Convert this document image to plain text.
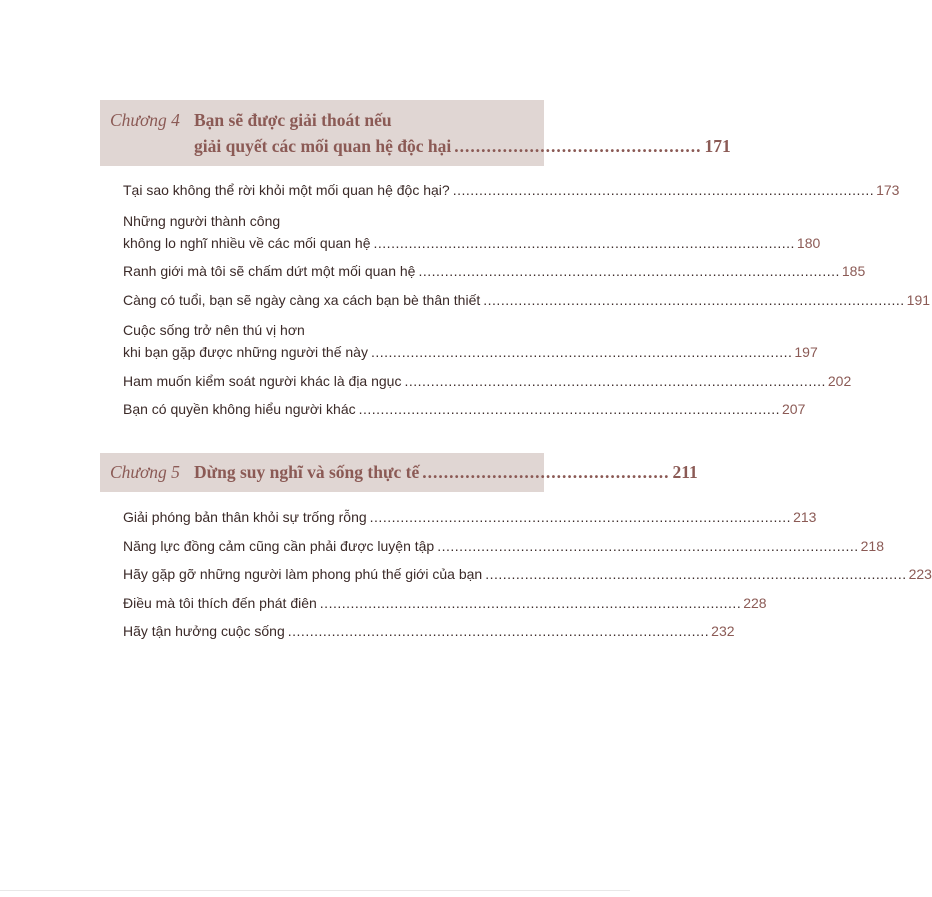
Chương 4 Bạn sẽ được giải thoát nếu
giải quyết các mối quan hệ độc hại .............................................. 171
Tại sao không thể rời khỏi một mối quan hệ độc hại? ................................................................................................ 173
Những người thành công
không lo nghĩ nhiều về các mối quan hệ ................................................................................................ 180
Ranh giới mà tôi sẽ chấm dứt một mối quan hệ ................................................................................................ 185
Càng có tuổi, bạn sẽ ngày càng xa cách bạn bè thân thiết ................................................................................................ 191
Cuộc sống trở nên thú vị hơn
khi bạn gặp được những người thế này ................................................................................................ 197
Ham muốn kiểm soát người khác là địa ngục ................................................................................................ 202
Bạn có quyền không hiểu người khác ................................................................................................ 207
Chương 5 Dừng suy nghĩ và sống thực tế .............................................. 211
Giải phóng bản thân khỏi sự trống rỗng ................................................................................................ 213
Năng lực đồng cảm cũng cần phải được luyện tập ................................................................................................ 218
Hãy gặp gỡ những người làm phong phú thế giới của bạn ................................................................................................ 223
Điều mà tôi thích đến phát điên ................................................................................................ 228
Hãy tận hưởng cuộc sống ................................................................................................ 232
